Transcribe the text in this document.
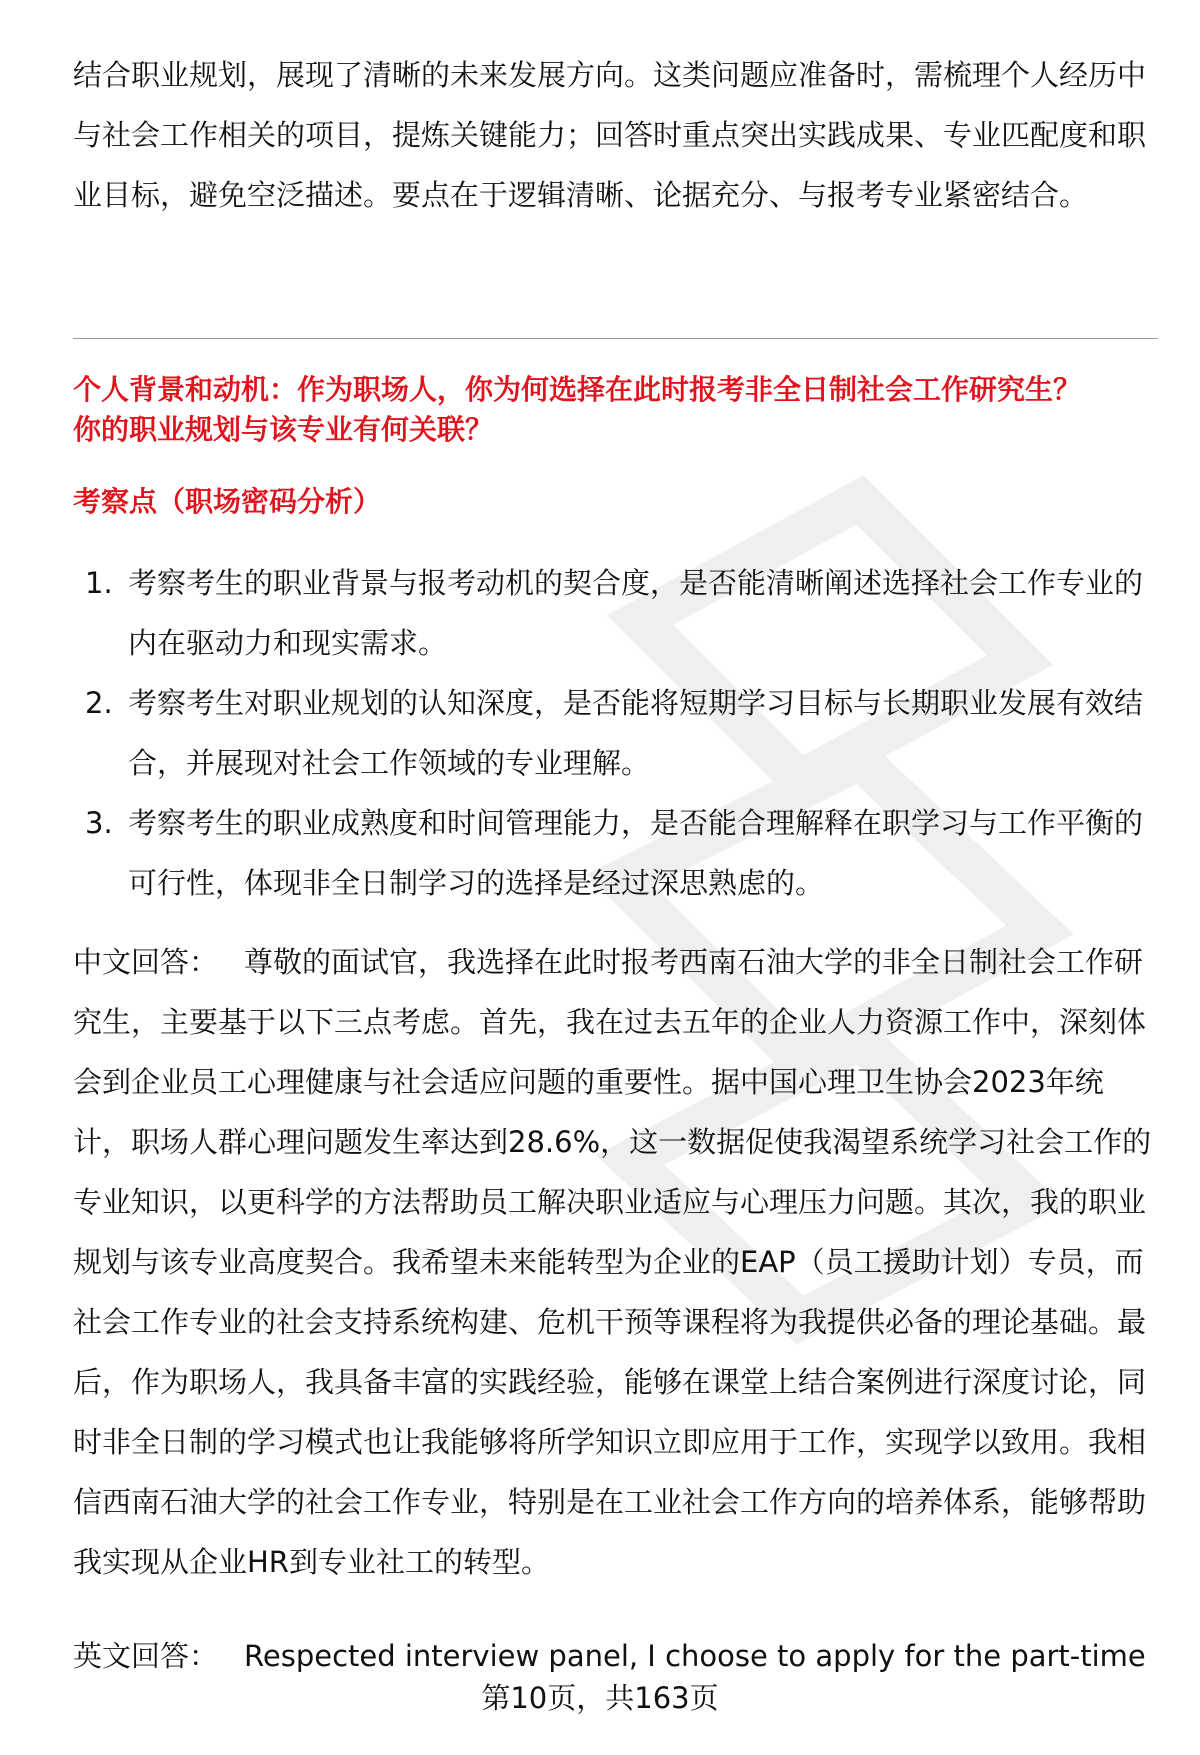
结合职业规划，展现了清晰的未来发展方向。这类问题应准备时，需梳理个人经历中与社会工作相关的项目，提炼关键能力；回答时重点突出实践成果、专业匹配度和职业目标，避免空泛描述。要点在于逻辑清晰、论据充分、与报考专业紧密结合。

个人背景和动机：作为职场人，你为何选择在此时报考非全日制社会工作研究生？
你的职业规划与该专业有何关联？
考察点（职场密码分析）
1. 考察考生的职业背景与报考动机的契合度，是否能清晰阐述选择社会工作专业的内在驱动力和现实需求。
2. 考察考生对职业规划的认知深度，是否能将短期学习目标与长期职业发展有效结合，并展现对社会工作领域的专业理解。
3. 考察考生的职业成熟度和时间管理能力，是否能合理解释在职学习与工作平衡的可行性，体现非全日制学习的选择是经过深思熟虑的。

中文回答： 尊敬的面试官，我选择在此时报考西南石油大学的非全日制社会工作研究生，主要基于以下三点考虑。首先，我在过去五年的企业人力资源工作中，深刻体会到企业员工心理健康与社会适应问题的重要性。据中国心理卫生协会2023年统计，职场人群心理问题发生率达到28.6%，这一数据促使我渴望系统学习社会工作的专业知识，以更科学的方法帮助员工解决职业适应与心理压力问题。其次，我的职业规划与该专业高度契合。我希望未来能转型为企业的EAP（员工援助计划）专员，而社会工作专业的社会支持系统构建、危机干预等课程将为我提供必备的理论基础。最后，作为职场人，我具备丰富的实践经验，能够在课堂上结合案例进行深度讨论，同时非全日制的学习模式也让我能够将所学知识立即应用于工作，实现学以致用。我相信西南石油大学的社会工作专业，特别是在工业社会工作方向的培养体系，能够帮助我实现从企业HR到专业社工的转型。

英文回答： Respected interview panel, I choose to apply for the part-time

第10页，共163页
